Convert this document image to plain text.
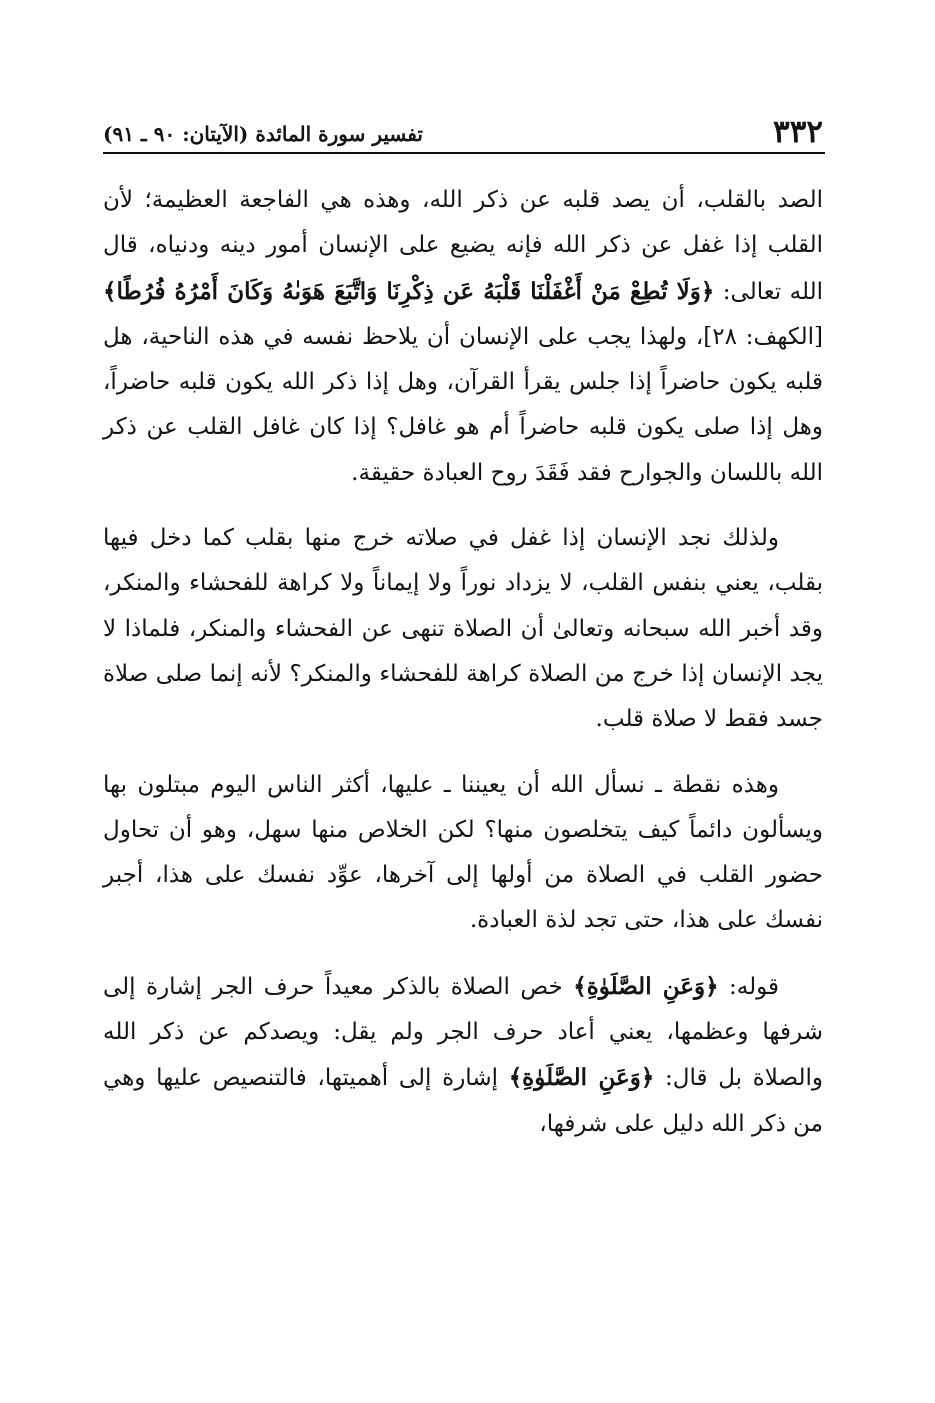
٣٣٢
تفسير سورة المائدة (الآيتان: ٩٠ ـ ٩١)

الصد بالقلب، أن يصد قلبه عن ذكر الله، وهذه هي الفاجعة العظيمة؛ لأن القلب إذا غفل عن ذكر الله فإنه يضيع على الإنسان أمور دينه ودنياه، قال الله تعالى: ﴿وَلَا تُطِعْ مَنْ أَغْفَلْنَا قَلْبَهُ عَن ذِكْرِنَا وَاتَّبَعَ هَوَىٰهُ وَكَانَ أَمْرُهُ فُرُطًا﴾ [الكهف: ٢٨]، ولهذا يجب على الإنسان أن يلاحظ نفسه في هذه الناحية، هل قلبه يكون حاضراً إذا جلس يقرأ القرآن، وهل إذا ذكر الله يكون قلبه حاضراً، وهل إذا صلى يكون قلبه حاضراً أم هو غافل؟ إذا كان غافل القلب عن ذكر الله باللسان والجوارح فقد فَقَدَ روح العبادة حقيقة.

ولذلك نجد الإنسان إذا غفل في صلاته خرج منها بقلب كما دخل فيها بقلب، يعني بنفس القلب، لا يزداد نوراً ولا إيماناً ولا كراهة للفحشاء والمنكر، وقد أخبر الله سبحانه وتعالىٰ أن الصلاة تنهى عن الفحشاء والمنكر، فلماذا لا يجد الإنسان إذا خرج من الصلاة كراهة للفحشاء والمنكر؟ لأنه إنما صلى صلاة جسد فقط لا صلاة قلب.

وهذه نقطة ـ نسأل الله أن يعيننا ـ عليها، أكثر الناس اليوم مبتلون بها ويسألون دائماً كيف يتخلصون منها؟ لكن الخلاص منها سهل، وهو أن تحاول حضور القلب في الصلاة من أولها إلى آخرها، عوِّد نفسك على هذا، أجبر نفسك على هذا، حتى تجد لذة العبادة.

قوله: ﴿وَعَنِ الصَّلَوٰةِ﴾ خص الصلاة بالذكر معيداً حرف الجر إشارة إلى شرفها وعظمها، يعني أعاد حرف الجر ولم يقل: ويصدكم عن ذكر الله والصلاة بل قال: ﴿وَعَنِ الصَّلَوٰةِ﴾ إشارة إلى أهميتها، فالتنصيص عليها وهي من ذكر الله دليل على شرفها،
